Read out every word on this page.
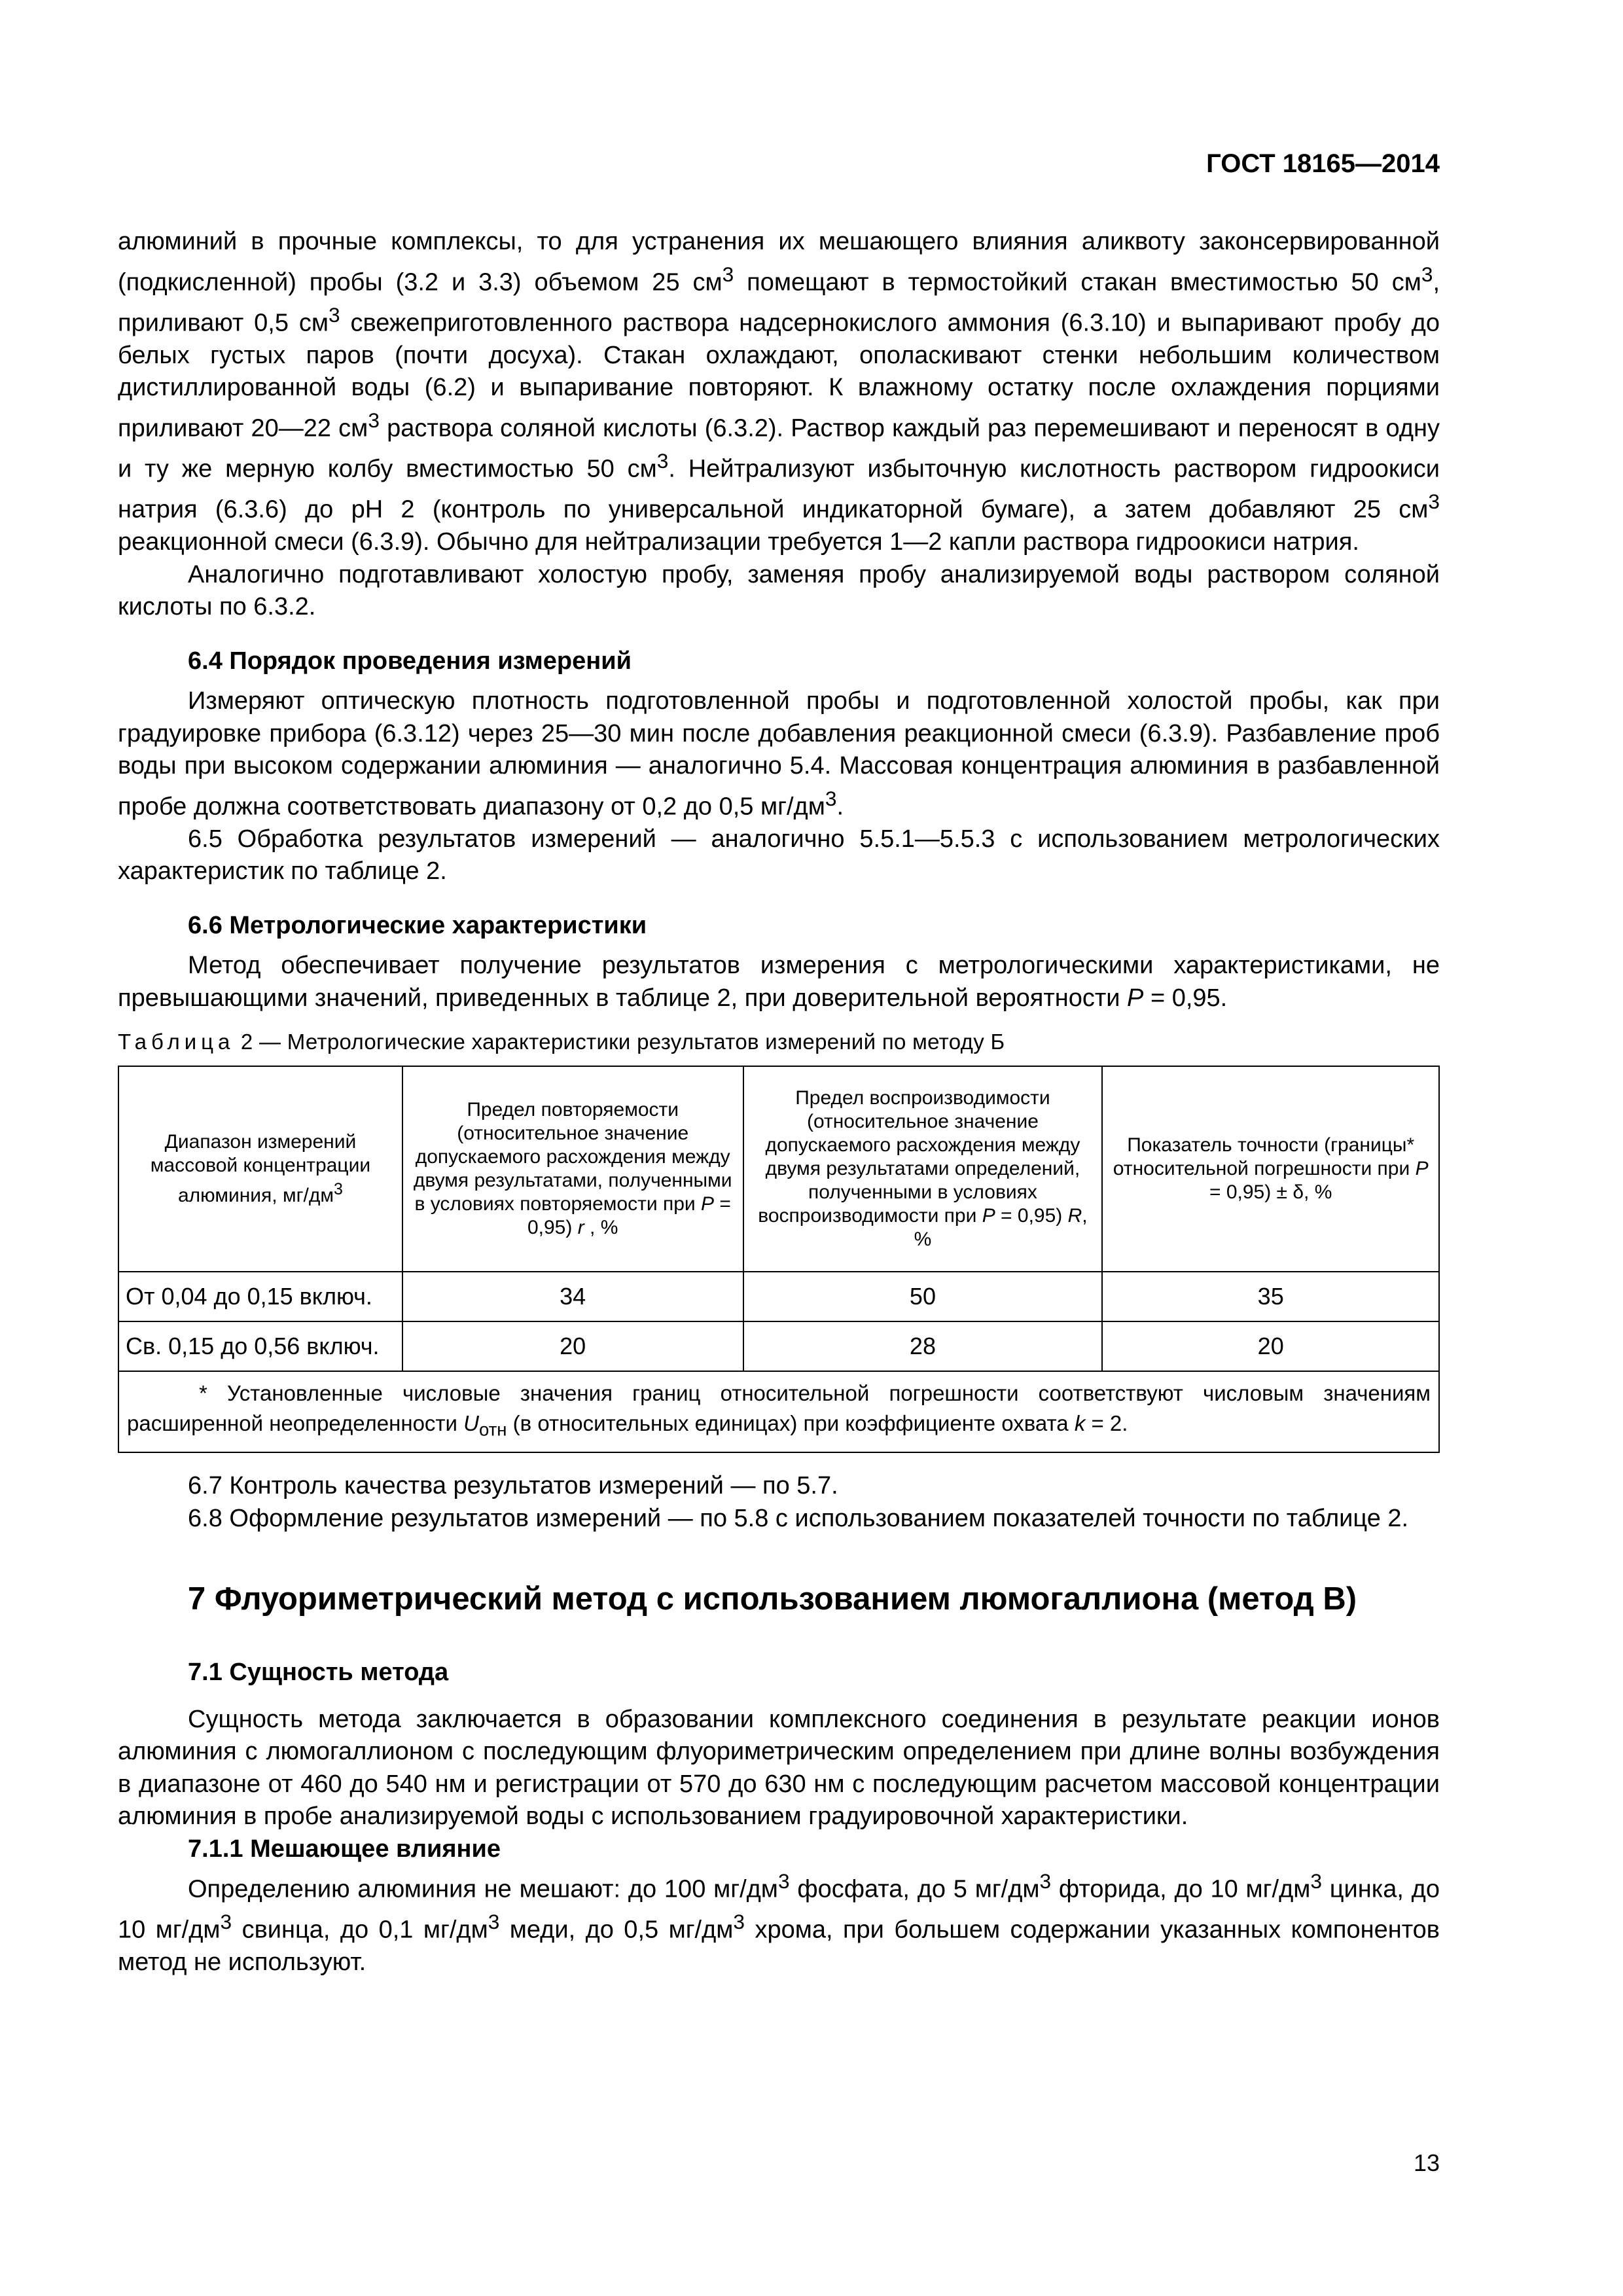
ГОСТ 18165—2014

алюминий в прочные комплексы, то для устранения их мешающего влияния аликвоту законсервированной (подкисленной) пробы (3.2 и 3.3) объемом 25 $см^3$ помещают в термостойкий стакан вместимостью 50 $см^3$, приливают 0,5 $см^3$ свежеприготовленного раствора надсернокислого аммония (6.3.10) и выпаривают пробу до белых густых паров (почти досуха). Стакан охлаждают, ополаскивают стенки небольшим количеством дистиллированной воды (6.2) и выпаривание повторяют. К влажному остатку после охлаждения порциями приливают 20—22 $см^3$ раствора соляной кислоты (6.3.2). Раствор каждый раз перемешивают и переносят в одну и ту же мерную колбу вместимостью 50 $см^3$. Нейтрализуют избыточную кислотность раствором гидроокиси натрия (6.3.6) до pH 2 (контроль по универсальной индикаторной бумаге), а затем добавляют 25 $см^3$ реакционной смеси (6.3.9). Обычно для нейтрализации требуется 1—2 капли раствора гидроокиси натрия.

Аналогично подготавливают холостую пробу, заменяя пробу анализируемой воды раствором соляной кислоты по 6.3.2.

6.4 Порядок проведения измерений

Измеряют оптическую плотность подготовленной пробы и подготовленной холостой пробы, как при градуировке прибора (6.3.12) через 25—30 мин после добавления реакционной смеси (6.3.9). Разбавление проб воды при высоком содержании алюминия — аналогично 5.4. Массовая концентрация алюминия в разбавленной пробе должна соответствовать диапазону от 0,2 до 0,5 $мг/дм^3$.

6.5 Обработка результатов измерений — аналогично 5.5.1—5.5.3 с использованием метрологических характеристик по таблице 2.

6.6 Метрологические характеристики

Метод обеспечивает получение результатов измерения с метрологическими характеристиками, не превышающими значений, приведенных в таблице 2, при доверительной вероятности P = 0,95.

Таблица 2 — Метрологические характеристики результатов измерений по методу Б

Диапазон измерений массовой концентрации алюминия, $мг/дм^3$	Предел повторяемости (относительное значение допускаемого расхождения между двумя результатами, полученными в условиях повторяемости при P = 0,95) r , %	Предел воспроизводимости (относительное значение допускаемого расхождения между двумя результатами определений, полученными в условиях воспроизводимости при P = 0,95) R, %	Показатель точности (границы* относительной погрешности при P = 0,95) ± δ, %
От 0,04 до 0,15 включ.	34	50	35
Св. 0,15 до 0,56 включ.	20	28	20
* Установленные числовые значения границ относительной погрешности соответствуют числовым значениям расширенной неопределенности $U_{отн}$ (в относительных единицах) при коэффициенте охвата k = 2.			

6.7 Контроль качества результатов измерений — по 5.7.

6.8 Оформление результатов измерений — по 5.8 с использованием показателей точности по таблице 2.

7 Флуориметрический метод с использованием люмогаллиона (метод В)

7.1 Сущность метода

Сущность метода заключается в образовании комплексного соединения в результате реакции ионов алюминия с люмогаллионом с последующим флуориметрическим определением при длине волны возбуждения в диапазоне от 460 до 540 нм и регистрации от 570 до 630 нм с последующим расчетом массовой концентрации алюминия в пробе анализируемой воды с использованием градуировочной характеристики.

7.1.1 Мешающее влияние

Определению алюминия не мешают: до 100 $мг/дм^3$ фосфата, до 5 $мг/дм^3$ фторида, до 10 $мг/дм^3$ цинка, до 10 $мг/дм^3$ свинца, до 0,1 $мг/дм^3$ меди, до 0,5 $мг/дм^3$ хрома, при большем содержании указанных компонентов метод не используют.

13
